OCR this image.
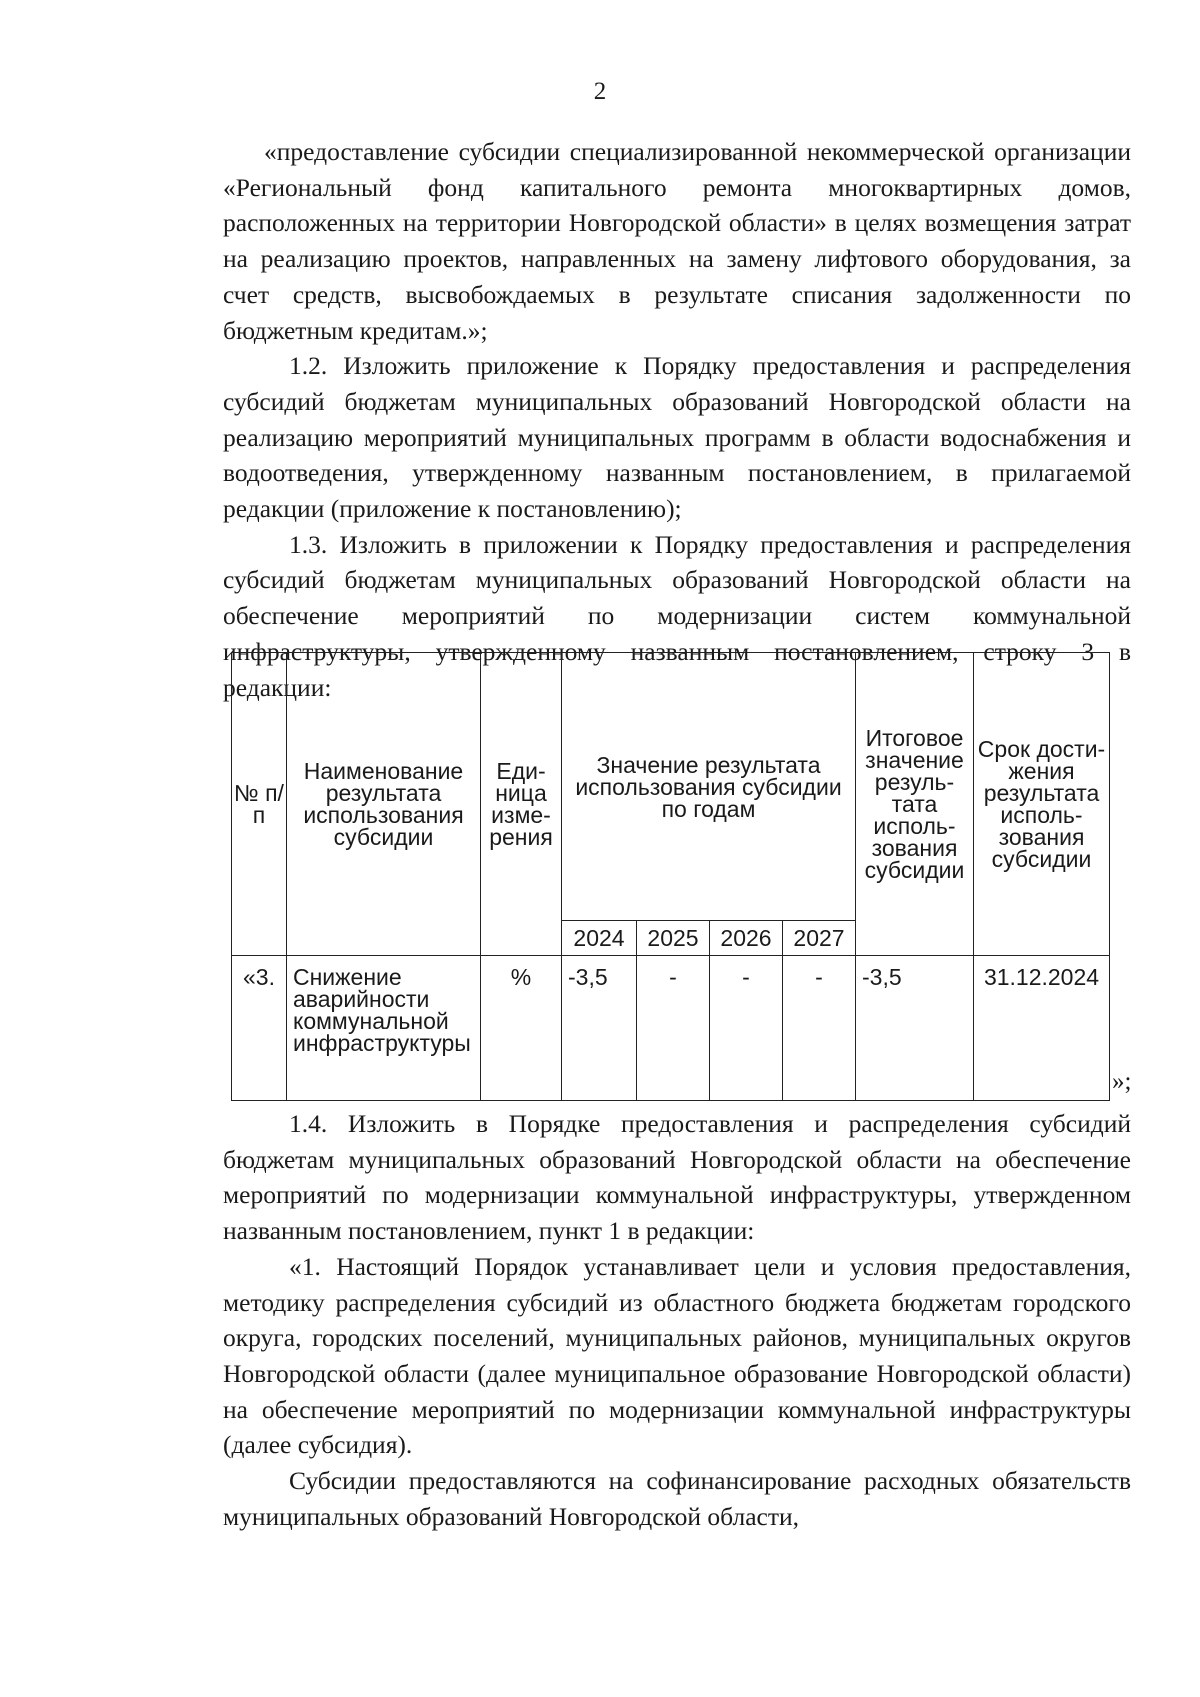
2

«предоставление субсидии специализированной некоммерческой организации «Региональный фонд капитального ремонта многоквартирных домов, расположенных на территории Новгородской области» в целях возмещения затрат на реализацию проектов, направленных на замену лифтового оборудования, за счет средств, высвобождаемых в результате списания задолженности по бюджетным кредитам.»;

1.2. Изложить приложение к Порядку предоставления и распределения субсидий бюджетам муниципальных образований Новгородской области на реализацию мероприятий муниципальных программ в области водоснабжения и водоотведения, утвержденному названным постановлением, в прилагаемой редакции (приложение к постановлению);

1.3. Изложить в приложении к Порядку предоставления и распределения субсидий бюджетам муниципальных образований Новгородской области на обеспечение мероприятий по модернизации систем коммунальной инфраструктуры, утвержденному названным постановлением, строку 3 в редакции:

№ п/п	Наименование результата использования субсидии	Еди-ница изме-рения	Значение результата использования субсидии по годам				Итоговое значение резуль-тата исполь-зования субсидии	Срок дости-жения результата исполь-зования субсидии
			2024	2025	2026	2027		
«3.	Снижение аварийности коммунальной инфраструктуры	%	-3,5	-	-	-	-3,5	31.12.2024
»;

1.4. Изложить в Порядке предоставления и распределения субсидий бюджетам муниципальных образований Новгородской области на обеспечение мероприятий по модернизации коммунальной инфраструктуры, утвержденном названным постановлением, пункт 1 в редакции:

«1. Настоящий Порядок устанавливает цели и условия предоставления, методику распределения субсидий из областного бюджета бюджетам городского округа, городских поселений, муниципальных районов, муниципальных округов Новгородской области (далее муниципальное образование Новгородской области) на обеспечение мероприятий по модернизации коммунальной инфраструктуры (далее субсидия).

Субсидии предоставляются на софинансирование расходных обязательств муниципальных образований Новгородской области,
